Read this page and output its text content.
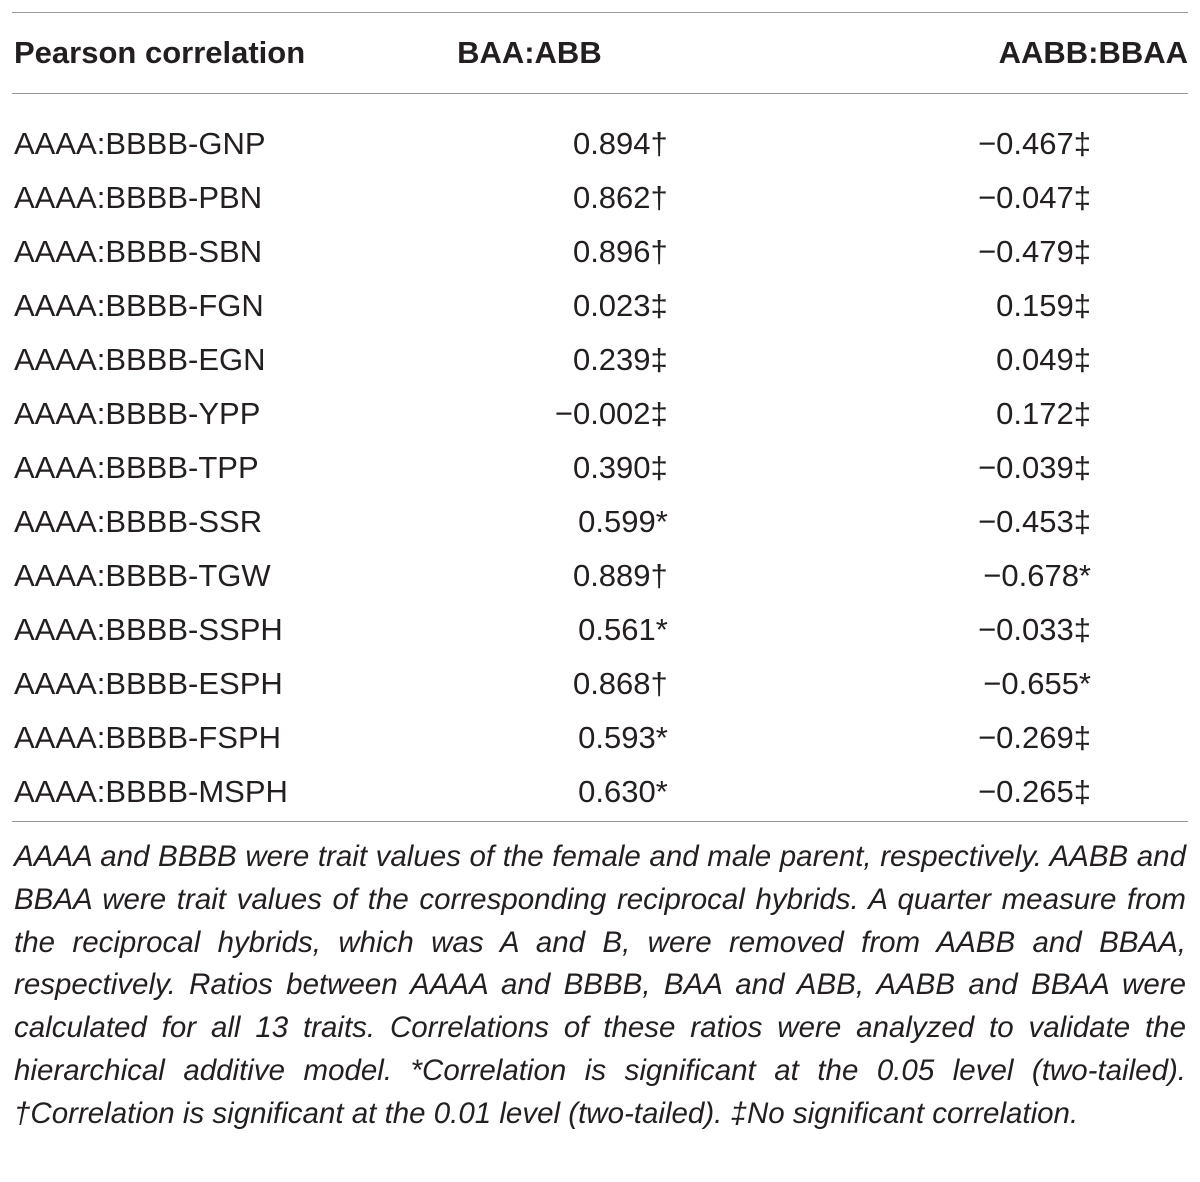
Pearson correlation	BAA:ABB	AABB:BBAA
AAAA:BBBB-GNP	0.894†	−0.467‡
AAAA:BBBB-PBN	0.862†	−0.047‡
AAAA:BBBB-SBN	0.896†	−0.479‡
AAAA:BBBB-FGN	0.023‡	0.159‡
AAAA:BBBB-EGN	0.239‡	0.049‡
AAAA:BBBB-YPP	−0.002‡	0.172‡
AAAA:BBBB-TPP	0.390‡	−0.039‡
AAAA:BBBB-SSR	0.599*	−0.453‡
AAAA:BBBB-TGW	0.889†	−0.678*
AAAA:BBBB-SSPH	0.561*	−0.033‡
AAAA:BBBB-ESPH	0.868†	−0.655*
AAAA:BBBB-FSPH	0.593*	−0.269‡
AAAA:BBBB-MSPH	0.630*	−0.265‡

AAAA and BBBB were trait values of the female and male parent, respectively. AABB and BBAA were trait values of the corresponding reciprocal hybrids. A quarter measure from the reciprocal hybrids, which was A and B, were removed from AABB and BBAA, respectively. Ratios between AAAA and BBBB, BAA and ABB, AABB and BBAA were calculated for all 13 traits. Correlations of these ratios were analyzed to validate the hierarchical additive model. *Correlation is significant at the 0.05 level (two-tailed). †Correlation is significant at the 0.01 level (two-tailed). ‡No significant correlation.
